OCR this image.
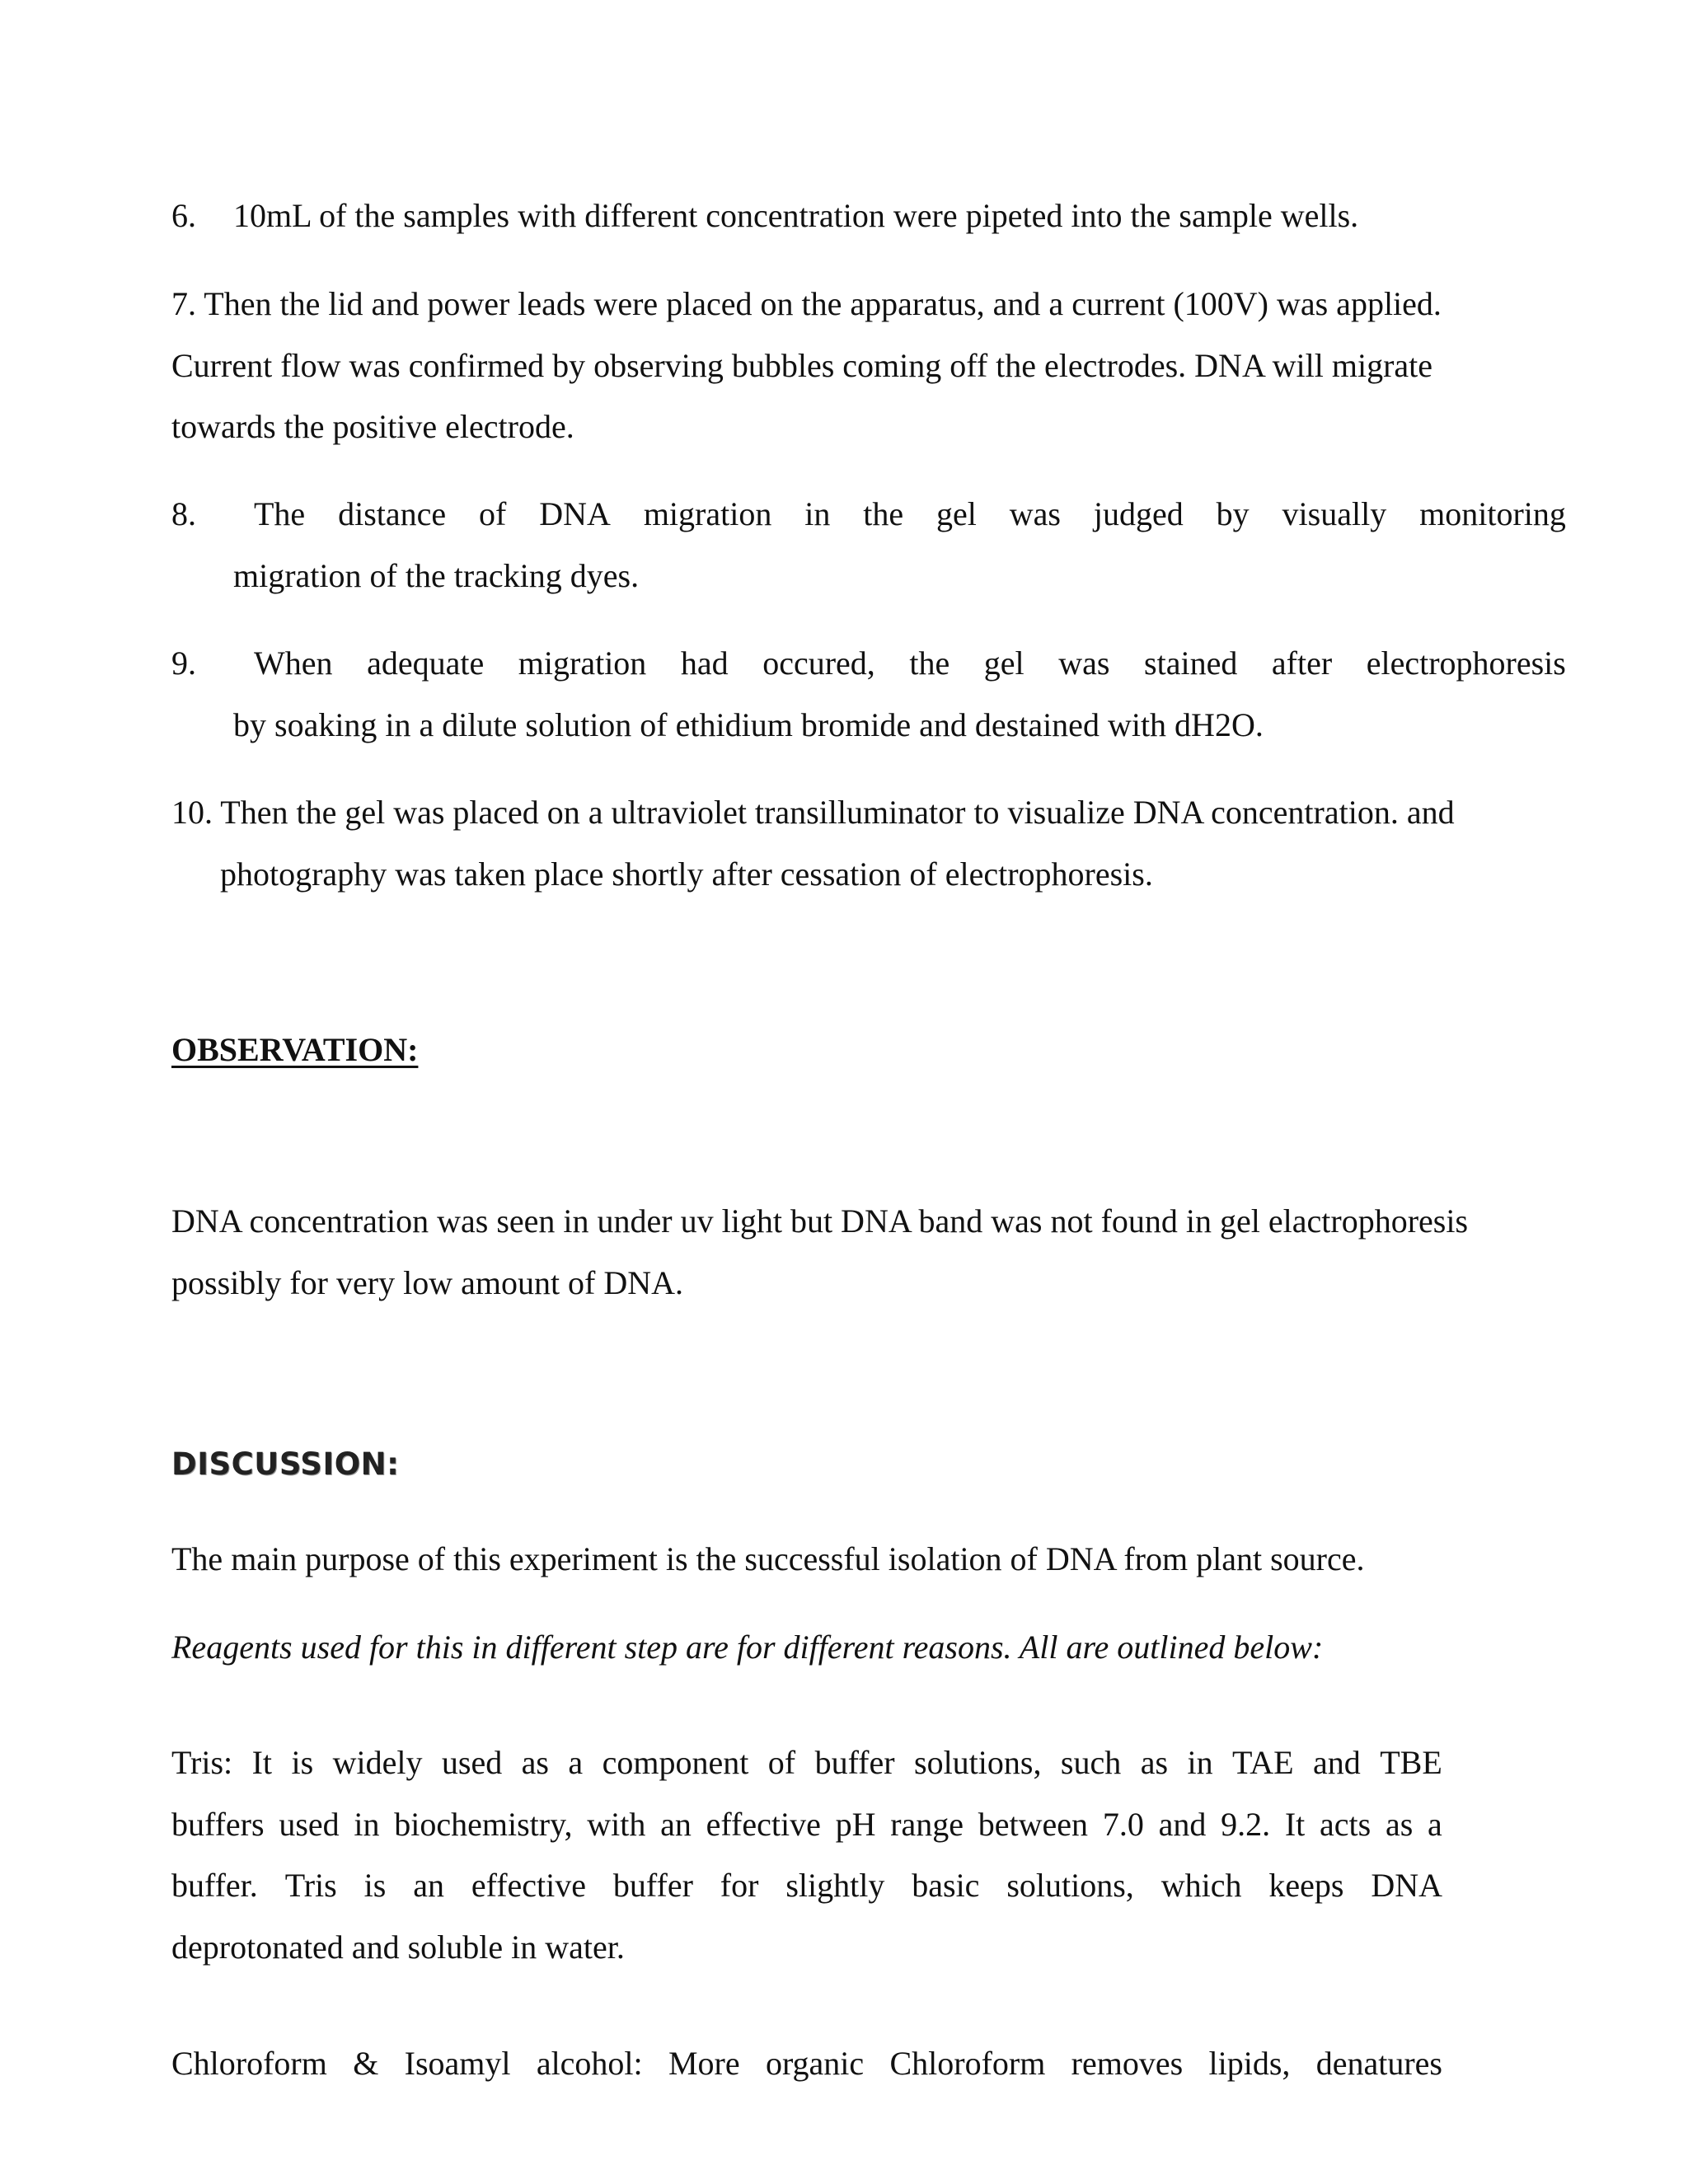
6. 10mL of the samples with different concentration were pipeted into the sample wells.
7. Then the lid and power leads were placed on the apparatus, and a current (100V) was applied.
Current flow was confirmed by observing bubbles coming off the electrodes. DNA will migrate
towards the positive electrode.
8. The distance of DNA migration in the gel was judged by visually monitoring
migration of the tracking dyes.
9. When adequate migration had occured, the gel was stained after electrophoresis
by soaking in a dilute solution of ethidium bromide and destained with dH2O.
10. Then the gel was placed on a ultraviolet transilluminator to visualize DNA concentration. and
photography was taken place shortly after cessation of electrophoresis.
OBSERVATION:
DNA concentration was seen in under uv light but DNA band was not found in gel elactrophoresis
possibly for very low amount of DNA.
DISCUSSION:
The main purpose of this experiment is the successful isolation of DNA from plant source.
Reagents used for this in different step are for different reasons. All are outlined below:
Tris: It is widely used as a component of buffer solutions, such as in TAE and TBE
buffers used in biochemistry, with an effective pH range between 7.0 and 9.2. It acts as a
buffer. Tris is an effective buffer for slightly basic solutions, which keeps DNA
deprotonated and soluble in water.
Chloroform & Isoamyl alcohol: More organic Chloroform removes lipids, denatures
